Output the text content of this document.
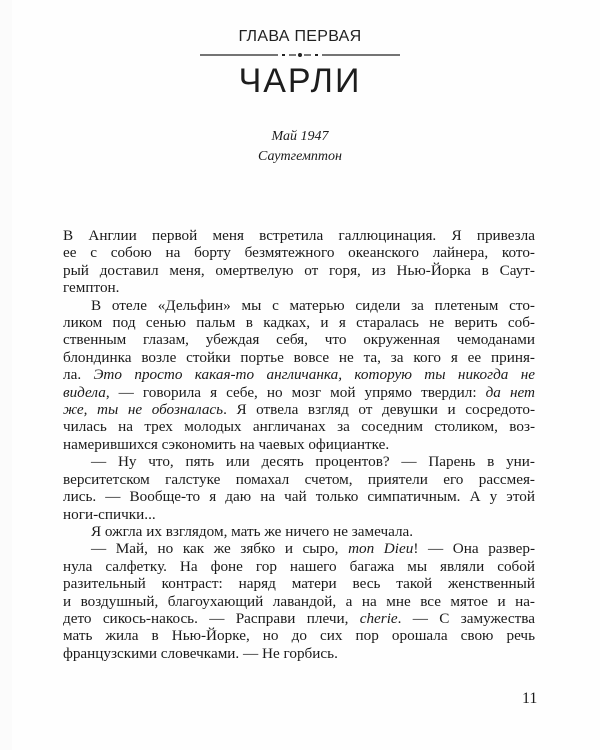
ГЛАВА ПЕРВАЯ
ЧАРЛИ
Май 1947
Саутгемптон
В Англии первой меня встретила галлюцинация. Я привезла
ее с собою на борту безмятежного океанского лайнера, кото-
рый доставил меня, омертвелую от горя, из Нью-Йорка в Саут-
гемптон.
В отеле «Дельфин» мы с матерью сидели за плетеным сто-
ликом под сенью пальм в кадках, и я старалась не верить соб-
ственным глазам, убеждая себя, что окруженная чемоданами
блондинка возле стойки портье вовсе не та, за кого я ее приня-
ла. Это просто какая-то англичанка, которую ты никогда не
видела, — говорила я себе, но мозг мой упрямо твердил: да нет
же, ты не обозналась. Я отвела взгляд от девушки и сосредото-
чилась на трех молодых англичанах за соседним столиком, воз-
намерившихся сэкономить на чаевых официантке.
— Ну что, пять или десять процентов? — Парень в уни-
верситетском галстуке помахал счетом, приятели его рассмея-
лись. — Вообще-то я даю на чай только симпатичным. А у этой
ноги-спички...
Я ожгла их взглядом, мать же ничего не замечала.
— Май, но как же зябко и сыро, mon Dieu! — Она развер-
нула салфетку. На фоне гор нашего багажа мы являли собой
разительный контраст: наряд матери весь такой женственный
и воздушный, благоухающий лавандой, а на мне все мятое и на-
дето сикось-накось. — Расправи плечи, cherie. — С замужества
мать жила в Нью-Йорке, но до сих пор орошала свою речь
французскими словечками. — Не горбись.
11
